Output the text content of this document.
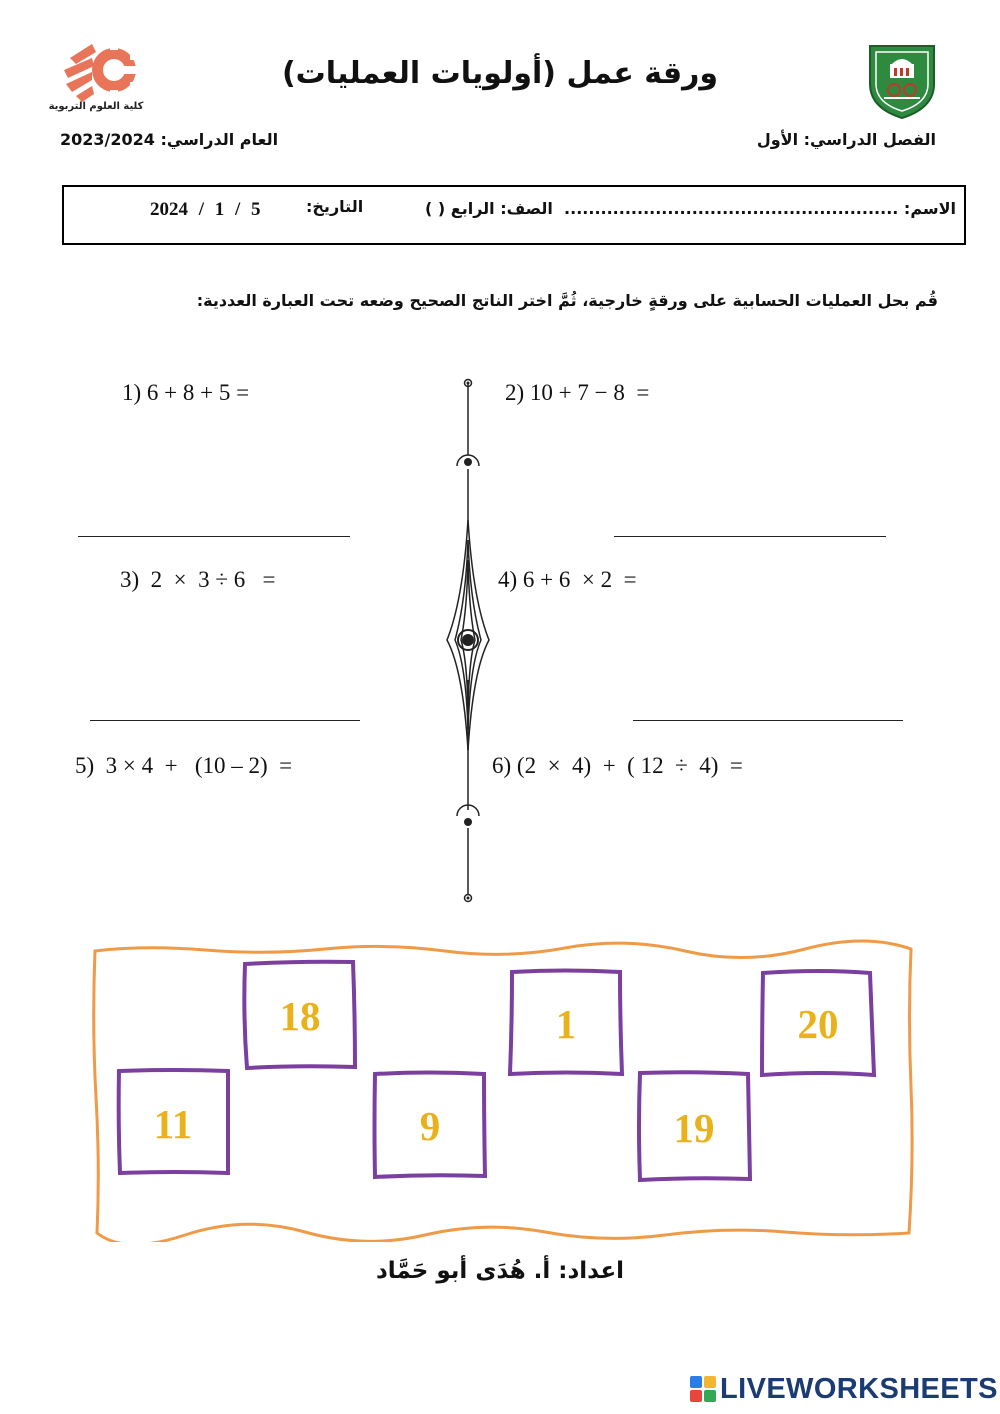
كلية العلوم التربوية
ورقة عمل (أولويات العمليات)
الفصل الدراسي: الأول
العام الدراسي: 2023/2024
الاسم: .......................................................
الصف: الرابع ( )
التاريخ:
2024 / 1 / 5
قُم بحل العمليات الحسابية على ورقةٍ خارجية، ثُمَّ اختر الناتج الصحيح وضعه تحت العبارة العددية:
1) 6 + 8 + 5 =	2) 10 + 7 − 8  =
3)  2  ×  3 ÷ 6   =	4) 6 + 6  × 2  =
5)  3 × 4  +   (10 – 2)  =	6) (2  ×  4)  +  ( 12  ÷  4)  =
18	1	20
11	9	19
اعداد: أ. هُدَى أبو حَمَّاد
LIVEWORKSHEETS
